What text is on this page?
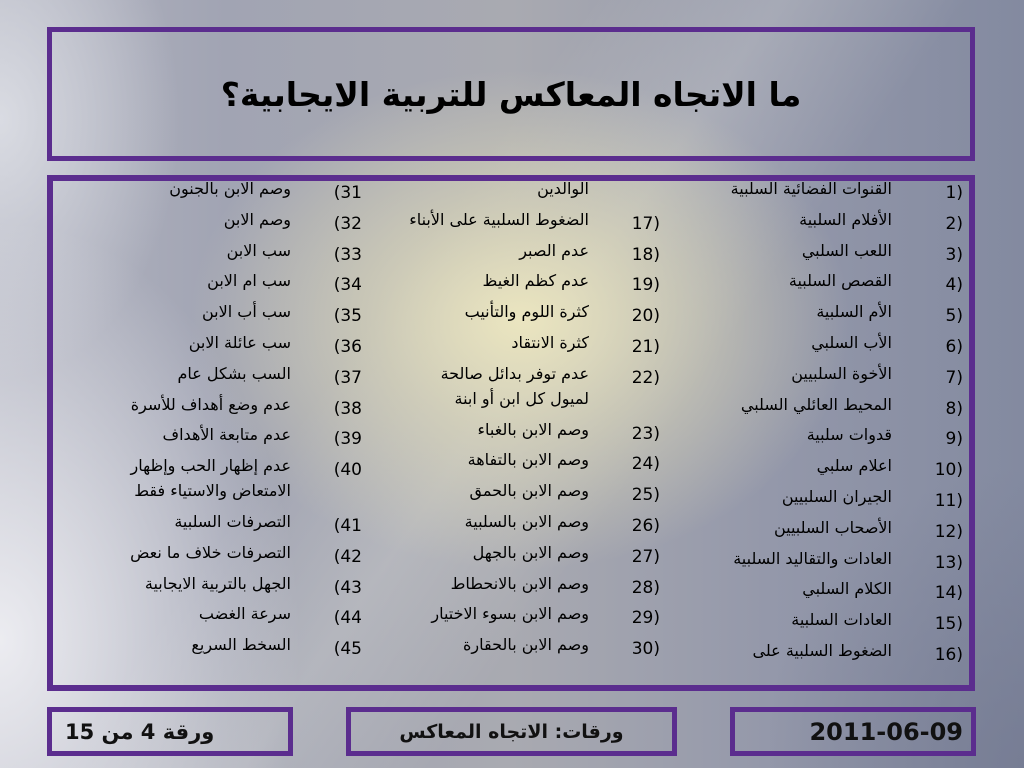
ما الاتجاه المعاكس للتربية الايجابية؟
1)
القنوات الفضائية السلبية
2)
الأفلام السلبية
3)
اللعب السلبي
4)
القصص السلبية
5)
الأم السلبية
6)
الأب السلبي
7)
الأخوة السلبيين
8)
المحيط العائلي السلبي
9)
قدوات سلبية
10)
اعلام سلبي
11)
الجيران السلبيين
12)
الأصحاب السلبيين
13)
العادات والتقاليد السلبية
14)
الكلام السلبي
15)
العادات السلبية
16)
الضغوط السلبية على
الوالدين
17)
الضغوط السلبية على الأبناء
18)
عدم الصبر
19)
عدم كظم الغيظ
20)
كثرة اللوم والتأنيب
21)
كثرة الانتقاد
22)
عدم توفر بدائل صالحة
لميول كل ابن أو ابنة
23)
وصم الابن بالغباء
24)
وصم الابن بالتفاهة
25)
وصم الابن بالحمق
26)
وصم الابن بالسلبية
27)
وصم الابن بالجهل
28)
وصم الابن بالانحطاط
29)
وصم الابن بسوء الاختيار
30)
وصم الابن بالحقارة
(31
وصم الابن بالجنون
(32
وصم الابن
(33
سب الابن
(34
سب ام الابن
(35
سب أب الابن
(36
سب عائلة الابن
(37
السب بشكل عام
(38
عدم وضع أهداف للأسرة
(39
عدم متابعة الأهداف
(40
عدم إظهار الحب وإظهار
الامتعاض والاستياء فقط
(41
التصرفات السلبية
(42
التصرفات خلاف ما نعض
(43
الجهل بالتربية الايجابية
(44
سرعة الغضب
(45
السخط السريع
ورقة 4 من 15	ورقات: الاتجاه المعاكس	2011-06-09
